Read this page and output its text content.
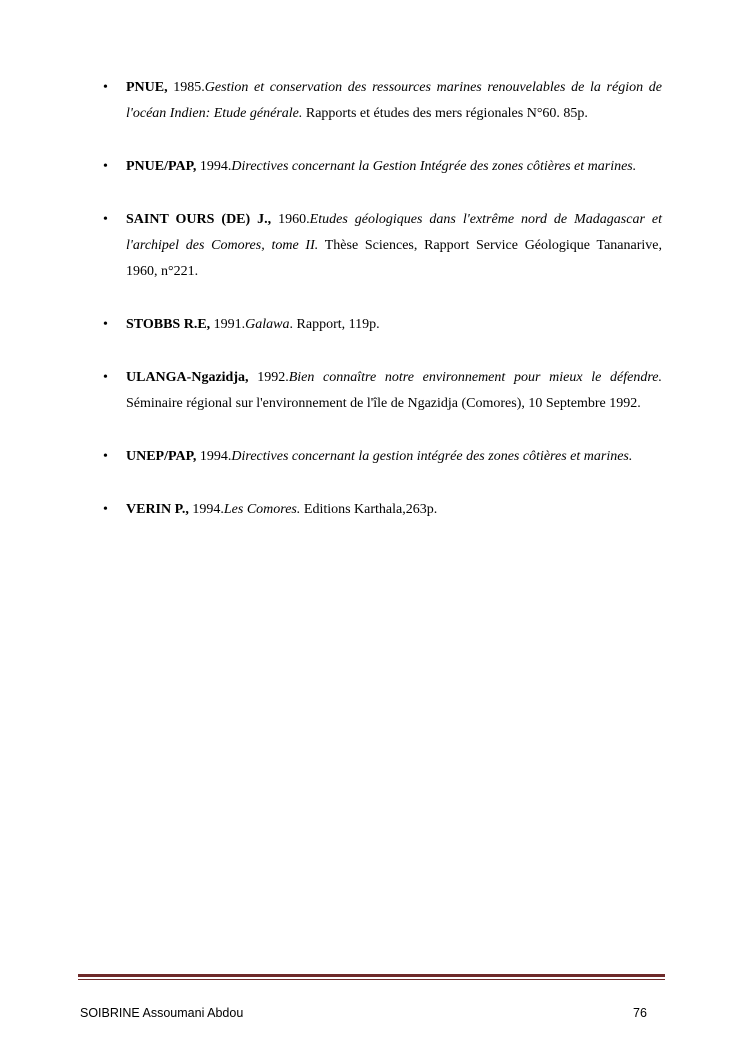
• PNUE, 1985.Gestion et conservation des ressources marines renouvelables de la région de l'océan Indien: Etude générale. Rapports et études des mers régionales N°60. 85p.
• PNUE/PAP, 1994.Directives concernant la Gestion Intégrée des zones côtières et marines.
• SAINT OURS (DE) J., 1960.Etudes géologiques dans l'extrême nord de Madagascar et l'archipel des Comores, tome II. Thèse Sciences, Rapport Service Géologique Tananarive, 1960, n°221.
• STOBBS R.E, 1991.Galawa. Rapport, 119p.
• ULANGA-Ngazidja, 1992.Bien connaître notre environnement pour mieux le défendre. Séminaire régional sur l'environnement de l'île de Ngazidja (Comores), 10 Septembre 1992.
• UNEP/PAP, 1994.Directives concernant la gestion intégrée des zones côtières et marines.
• VERIN P., 1994.Les Comores. Editions Karthala,263p.
SOIBRINE Assoumani Abdou	76
